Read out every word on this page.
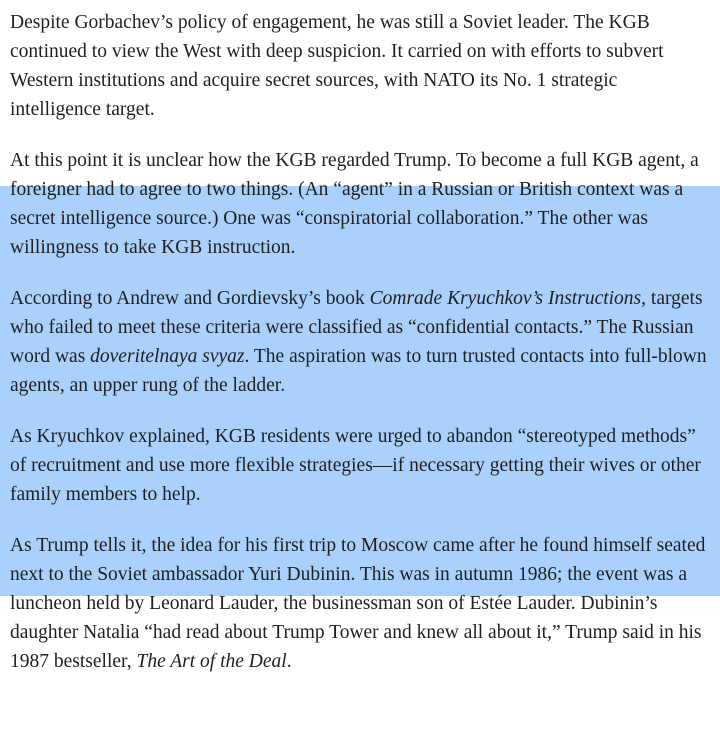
Despite Gorbachev’s policy of engagement, he was still a Soviet leader. The KGB continued to view the West with deep suspicion. It carried on with efforts to subvert Western institutions and acquire secret sources, with NATO its No. 1 strategic intelligence target.

At this point it is unclear how the KGB regarded Trump. To become a full KGB agent, a foreigner had to agree to two things. (An “agent” in a Russian or British context was a secret intelligence source.) One was “conspiratorial collaboration.” The other was willingness to take KGB instruction.

According to Andrew and Gordievsky’s book Comrade Kryuchkov’s Instructions, targets who failed to meet these criteria were classified as “confidential contacts.” The Russian word was doveritelnaya svyaz. The aspiration was to turn trusted contacts into full-blown agents, an upper rung of the ladder.

As Kryuchkov explained, KGB residents were urged to abandon “stereotyped methods” of recruitment and use more flexible strategies—if necessary getting their wives or other family members to help.

As Trump tells it, the idea for his first trip to Moscow came after he found himself seated next to the Soviet ambassador Yuri Dubinin. This was in autumn 1986; the event was a luncheon held by Leonard Lauder, the businessman son of Estée Lauder. Dubinin’s daughter Natalia “had read about Trump Tower and knew all about it,” Trump said in his 1987 bestseller, The Art of the Deal.
